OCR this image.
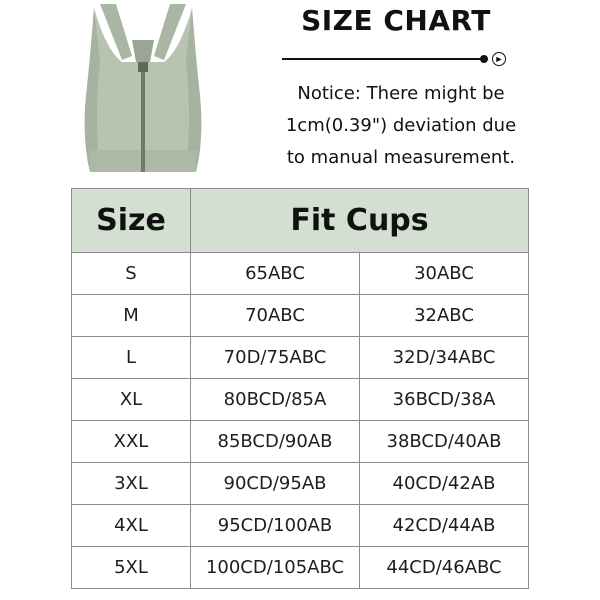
SIZE CHART
►
Notice: There might be
1cm(0.39") deviation due
to manual measurement.
Size	Fit Cups	
S	65ABC	30ABC
M	70ABC	32ABC
L	70D/75ABC	32D/34ABC
XL	80BCD/85A	36BCD/38A
XXL	85BCD/90AB	38BCD/40AB
3XL	90CD/95AB	40CD/42AB
4XL	95CD/100AB	42CD/44AB
5XL	100CD/105ABC	44CD/46ABC
